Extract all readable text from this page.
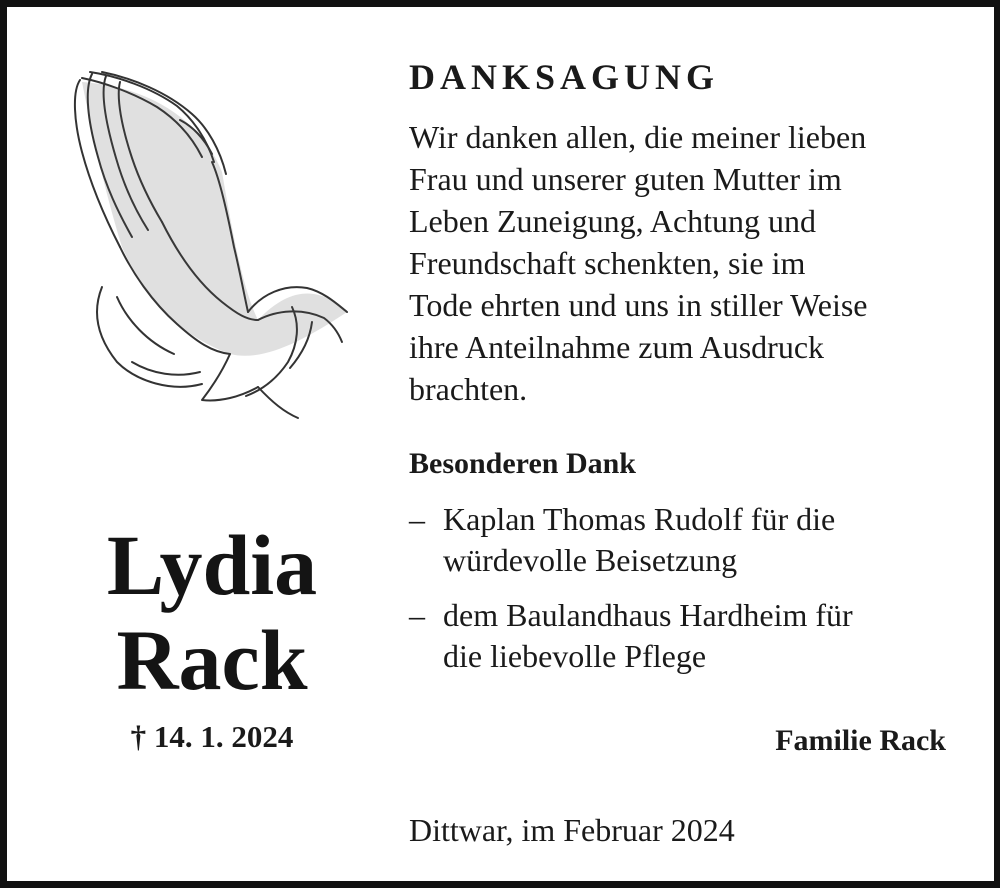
Lydia
Rack
† 14. 1. 2024
DANKSAGUNG

Wir danken allen, die meiner lieben
Frau und unserer guten Mutter im
Leben Zuneigung, Achtung und
Freundschaft schenkten, sie im
Tode ehrten und uns in stiller Weise
ihre Anteilnahme zum Ausdruck
brachten.

Besonderen Dank
– Kaplan Thomas Rudolf für die
würdevolle Beisetzung
– dem Baulandhaus Hardheim für
die liebevolle Pflege
Familie Rack
Dittwar, im Februar 2024
